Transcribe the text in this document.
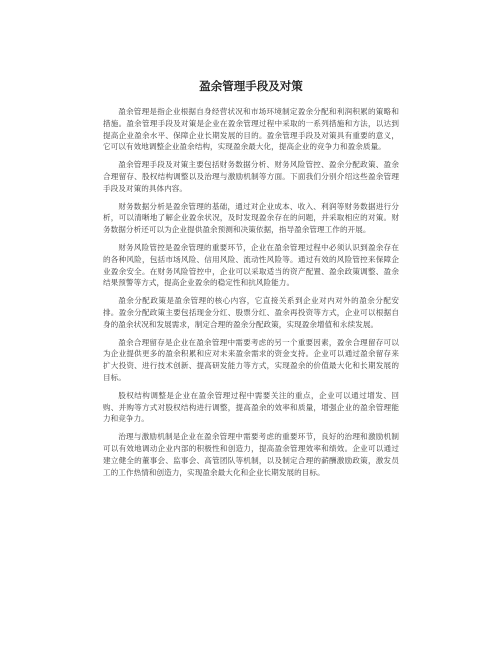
盈余管理手段及对策

盈余管理是指企业根据自身经营状况和市场环境制定盈余分配和利润积累的策略和措施。盈余管理手段及对策是企业在盈余管理过程中采取的一系列措施和方法，以达到提高企业盈余水平、保障企业长期发展的目的。盈余管理手段及对策具有重要的意义，它可以有效地调整企业盈余结构，实现盈余最大化，提高企业的竞争力和盈余质量。

盈余管理手段及对策主要包括财务数据分析、财务风险管控、盈余分配政策、盈余合理留存、股权结构调整以及治理与激励机制等方面。下面我们分别介绍这些盈余管理手段及对策的具体内容。

财务数据分析是盈余管理的基础，通过对企业成本、收入、利润等财务数据进行分析，可以清晰地了解企业盈余状况，及时发现盈余存在的问题，并采取相应的对策。财务数据分析还可以为企业提供盈余预测和决策依据，指导盈余管理工作的开展。

财务风险管控是盈余管理的重要环节，企业在盈余管理过程中必须认识到盈余存在的各种风险，包括市场风险、信用风险、流动性风险等。通过有效的风险管控来保障企业盈余安全。在财务风险管控中，企业可以采取适当的资产配置、盈余政策调整、盈余结果预警等方式，提高企业盈余的稳定性和抗风险能力。

盈余分配政策是盈余管理的核心内容，它直接关系到企业对内对外的盈余分配安排。盈余分配政策主要包括现金分红、股票分红、盈余再投资等方式，企业可以根据自身的盈余状况和发展需求，制定合理的盈余分配政策，实现盈余增值和永续发展。

盈余合理留存是企业在盈余管理中需要考虑的另一个重要因素，盈余合理留存可以为企业提供更多的盈余积累和应对未来盈余需求的资金支持。企业可以通过盈余留存来扩大投资、进行技术创新、提高研发能力等方式，实现盈余的价值最大化和长期发展的目标。

股权结构调整是企业在盈余管理过程中需要关注的重点，企业可以通过增发、回购、并购等方式对股权结构进行调整，提高盈余的效率和质量，增强企业的盈余管理能力和竞争力。

治理与激励机制是企业在盈余管理中需要考虑的重要环节，良好的治理和激励机制可以有效地调动企业内部的积极性和创造力，提高盈余管理效率和绩效。企业可以通过建立健全的董事会、监事会、高管团队等机制，以及制定合理的薪酬激励政策，激发员工的工作热情和创造力，实现盈余最大化和企业长期发展的目标。
